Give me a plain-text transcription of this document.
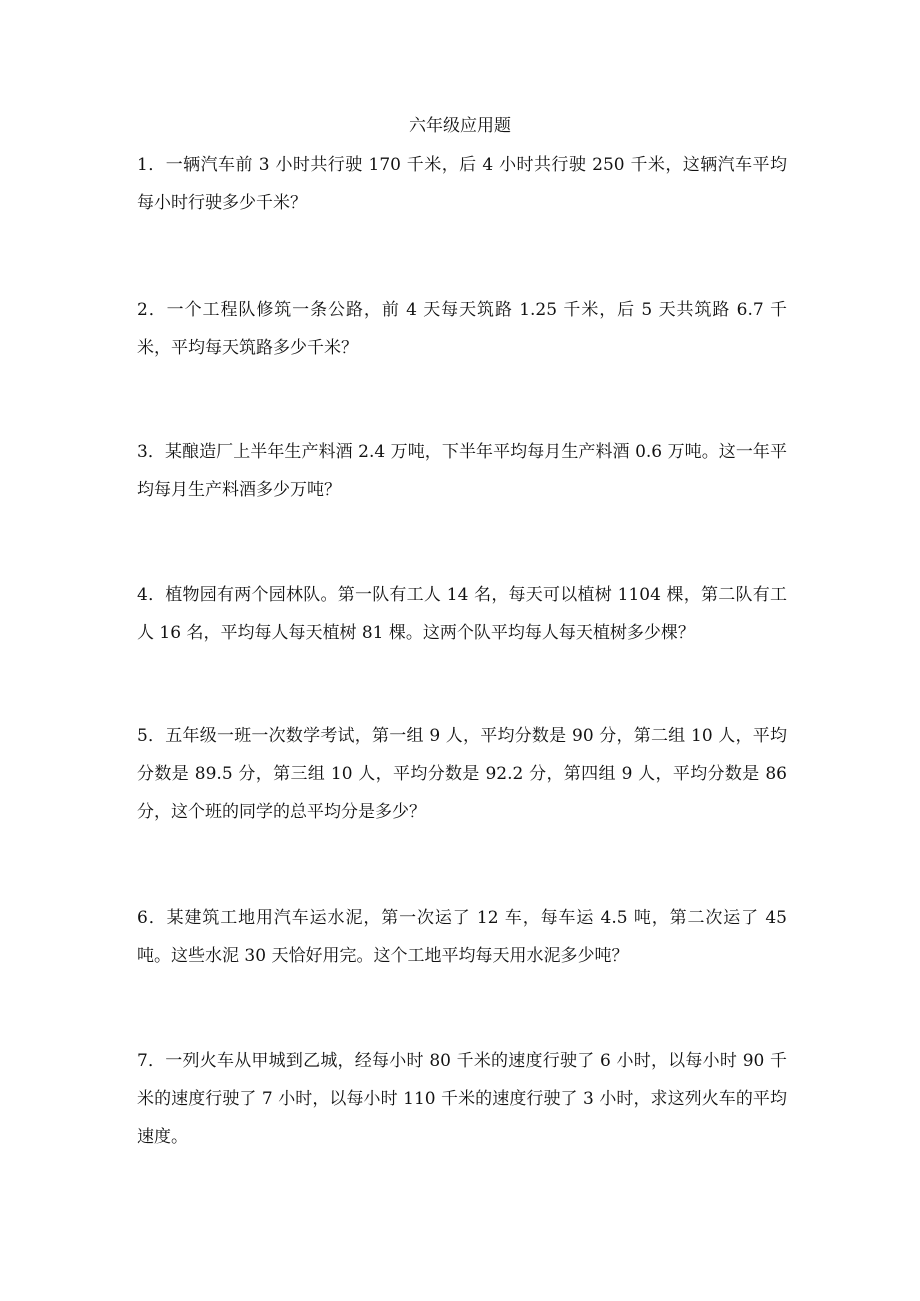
六年级应用题
1．一辆汽车前 3 小时共行驶 170 千米，后 4 小时共行驶 250 千米，这辆汽车平均每小时行驶多少千米？
2．一个工程队修筑一条公路，前 4 天每天筑路 1.25 千米，后 5 天共筑路 6.7 千米，平均每天筑路多少千米？
3．某酿造厂上半年生产料酒 2.4 万吨，下半年平均每月生产料酒 0.6 万吨。这一年平均每月生产料酒多少万吨？
4．植物园有两个园林队。第一队有工人 14 名，每天可以植树 1104 棵，第二队有工人 16 名，平均每人每天植树 81 棵。这两个队平均每人每天植树多少棵？
5．五年级一班一次数学考试，第一组 9 人，平均分数是 90 分，第二组 10 人，平均分数是 89.5 分，第三组 10 人，平均分数是 92.2 分，第四组 9 人，平均分数是 86 分，这个班的同学的总平均分是多少？
6．某建筑工地用汽车运水泥，第一次运了 12 车，每车运 4.5 吨，第二次运了 45 吨。这些水泥 30 天恰好用完。这个工地平均每天用水泥多少吨？
7．一列火车从甲城到乙城，经每小时 80 千米的速度行驶了 6 小时，以每小时 90 千米的速度行驶了 7 小时，以每小时 110 千米的速度行驶了 3 小时，求这列火车的平均速度。
